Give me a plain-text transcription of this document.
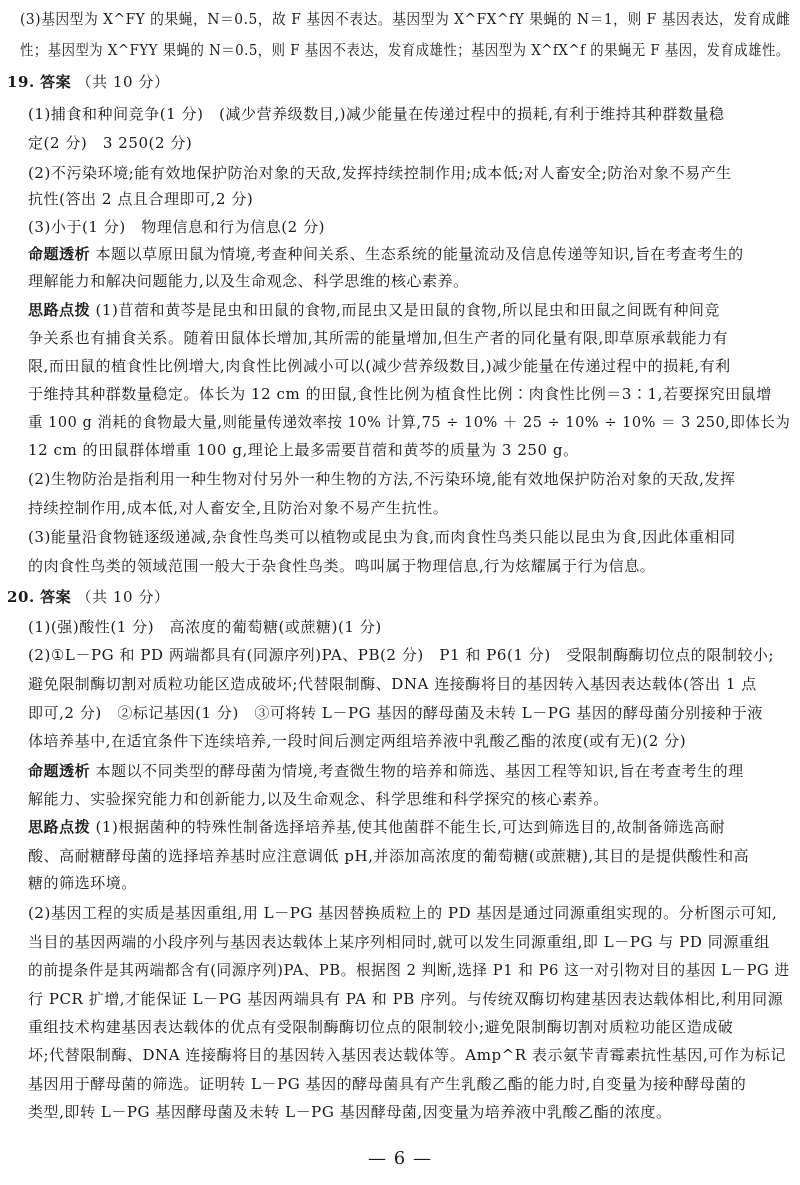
(3)基因型为 X^FY 的果蝇，N＝0.5，故 F 基因不表达。基因型为 X^FX^fY 果蝇的 N＝1，则 F 基因表达，发育成雌
性；基因型为 X^FYY 果蝇的 N＝0.5，则 F 基因不表达，发育成雄性；基因型为 X^fX^f 的果蝇无 F 基因，发育成雄性。
19. 答案 （共 10 分）
(1)捕食和种间竞争(1 分)　(减少营养级数目,)减少能量在传递过程中的损耗,有利于维持其种群数量稳
定(2 分)　3 250(2 分)
(2)不污染环境;能有效地保护防治对象的天敌,发挥持续控制作用;成本低;对人畜安全;防治对象不易产生
抗性(答出 2 点且合理即可,2 分)
(3)小于(1 分)　物理信息和行为信息(2 分)
命题透析 本题以草原田鼠为情境,考查种间关系、生态系统的能量流动及信息传递等知识,旨在考查考生的
理解能力和解决问题能力,以及生命观念、科学思维的核心素养。
思路点拨 (1)苜蓿和黄芩是昆虫和田鼠的食物,而昆虫又是田鼠的食物,所以昆虫和田鼠之间既有种间竞
争关系也有捕食关系。随着田鼠体长增加,其所需的能量增加,但生产者的同化量有限,即草原承载能力有
限,而田鼠的植食性比例增大,肉食性比例减小可以(减少营养级数目,)减少能量在传递过程中的损耗,有利
于维持其种群数量稳定。体长为 12 cm 的田鼠,食性比例为植食性比例∶肉食性比例＝3∶1,若要探究田鼠增
重 100 g 消耗的食物最大量,则能量传递效率按 10% 计算,75 ÷ 10% ＋ 25 ÷ 10% ÷ 10% ＝ 3 250,即体长为
12 cm 的田鼠群体增重 100 g,理论上最多需要苜蓿和黄芩的质量为 3 250 g。
(2)生物防治是指利用一种生物对付另外一种生物的方法,不污染环境,能有效地保护防治对象的天敌,发挥
持续控制作用,成本低,对人畜安全,且防治对象不易产生抗性。
(3)能量沿食物链逐级递减,杂食性鸟类可以植物或昆虫为食,而肉食性鸟类只能以昆虫为食,因此体重相同
的肉食性鸟类的领域范围一般大于杂食性鸟类。鸣叫属于物理信息,行为炫耀属于行为信息。
20. 答案 （共 10 分）
(1)(强)酸性(1 分)　高浓度的葡萄糖(或蔗糖)(1 分)
(2)①L－PG 和 PD 两端都具有(同源序列)PA、PB(2 分)　P1 和 P6(1 分)　受限制酶酶切位点的限制较小;
避免限制酶切割对质粒功能区造成破坏;代替限制酶、DNA 连接酶将目的基因转入基因表达载体(答出 1 点
即可,2 分)　②标记基因(1 分)　③可将转 L－PG 基因的酵母菌及未转 L－PG 基因的酵母菌分别接种于液
体培养基中,在适宜条件下连续培养,一段时间后测定两组培养液中乳酸乙酯的浓度(或有无)(2 分)
命题透析 本题以不同类型的酵母菌为情境,考查微生物的培养和筛选、基因工程等知识,旨在考查考生的理
解能力、实验探究能力和创新能力,以及生命观念、科学思维和科学探究的核心素养。
思路点拨 (1)根据菌种的特殊性制备选择培养基,使其他菌群不能生长,可达到筛选目的,故制备筛选高耐
酸、高耐糖酵母菌的选择培养基时应注意调低 pH,并添加高浓度的葡萄糖(或蔗糖),其目的是提供酸性和高
糖的筛选环境。
(2)基因工程的实质是基因重组,用 L－PG 基因替换质粒上的 PD 基因是通过同源重组实现的。分析图示可知,
当目的基因两端的小段序列与基因表达载体上某序列相同时,就可以发生同源重组,即 L－PG 与 PD 同源重组
的前提条件是其两端都含有(同源序列)PA、PB。根据图 2 判断,选择 P1 和 P6 这一对引物对目的基因 L－PG 进
行 PCR 扩增,才能保证 L－PG 基因两端具有 PA 和 PB 序列。与传统双酶切构建基因表达载体相比,利用同源
重组技术构建基因表达载体的优点有受限制酶酶切位点的限制较小;避免限制酶切割对质粒功能区造成破
坏;代替限制酶、DNA 连接酶将目的基因转入基因表达载体等。Amp^R 表示氨苄青霉素抗性基因,可作为标记
基因用于酵母菌的筛选。证明转 L－PG 基因的酵母菌具有产生乳酸乙酯的能力时,自变量为接种酵母菌的
类型,即转 L－PG 基因酵母菌及未转 L－PG 基因酵母菌,因变量为培养液中乳酸乙酯的浓度。
— 6 —
